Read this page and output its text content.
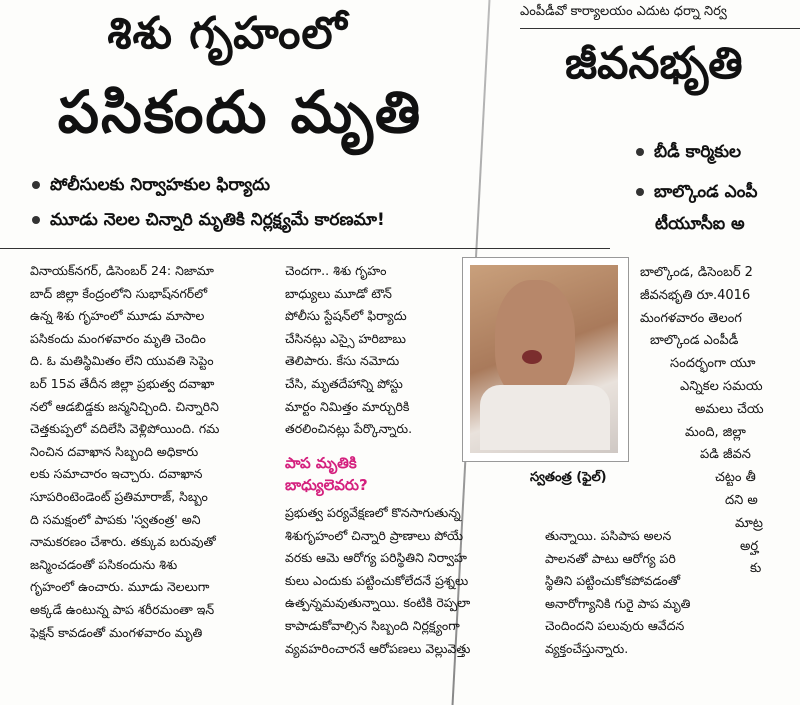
శిశు గృహంలో
పసికందు మృతి
పోలీసులకు నిర్వాహకుల ఫిర్యాదు
మూడు నెలల చిన్నారి మృతికి నిర్లక్ష్యమే కారణమా!
వినాయక్‌నగర్, డిసెంబర్ 24: నిజామా
బాద్ జిల్లా కేంద్రంలోని సుభాష్‌నగర్‌లో
ఉన్న శిశు గృహంలో మూడు మాసాల
పసికందు మంగళవారం మృతి చెందిం
ది. ఓ మతిస్థిమితం లేని యువతి సెప్టెం
బర్ 15వ తేదీన జిల్లా ప్రభుత్వ దవాఖా
నలో ఆడబిడ్డకు జన్మనిచ్చింది. చిన్నారిని
చెత్తకుప్పలో వదిలేసి వెళ్లిపోయింది. గమ
నించిన దవాఖాన సిబ్బంది అధికారు
లకు సమాచారం ఇచ్చారు. దవాఖాన
సూపరింటెండెంట్ ప్రతిమారాజ్, సిబ్బం
ది సమక్షంలో పాపకు 'స్వతంత్ర' అని
నామకరణం చేశారు. తక్కువ బరువుతో
జన్మించడంతో పసికందును శిశు
గృహంలో ఉంచారు. మూడు నెలలుగా
అక్కడే ఉంటున్న పాప శరీరమంతా ఇన్
ఫెక్షన్ కావడంతో మంగళవారం మృతి
చెందగా.. శిశు గృహం
బాధ్యులు మూడో టౌన్
పోలీసు స్టేషన్‌లో ఫిర్యాదు
చేసినట్లు ఎస్సై హరిబాబు
తెలిపారు. కేసు నమోదు
చేసి, మృతదేహాన్ని పోస్టు
మార్టం నిమిత్తం మార్చురికి
తరలించినట్లు పేర్కొన్నారు.
పాప మృతికి
బాధ్యులెవరు?
ప్రభుత్వ పర్యవేక్షణలో కొనసాగుతున్న
శిశుగృహంలో చిన్నారి ప్రాణాలు పోయే
వరకు ఆమె ఆరోగ్య పరిస్థితిని నిర్వాహ
కులు ఎందుకు పట్టించుకోలేదనే ప్రశ్నలు
ఉత్పన్నమవుతున్నాయి. కంటికి రెప్పలా
కాపాడుకోవాల్సిన సిబ్బంది నిర్లక్ష్యంగా
వ్యవహరించారనే ఆరోపణలు వెల్లువెత్తు
తున్నాయి. పసిపాప అలన
పాలనతో పాటు ఆరోగ్య పరి
స్థితిని పట్టించుకోకపోవడంతో
అనారోగ్యానికి గురై పాప మృతి
చెందిందని పలువురు ఆవేదన
వ్యక్తంచేస్తున్నారు.
స్వతంత్ర (ఫైల్)
ఎంపీడీవో కార్యాలయం ఎదుట ధర్నా నిర్వ
జీవనభృతి
బీడీ కార్మికుల
బాల్కొండ ఎంపీ
టీయూసీఐ అ
బాల్కొండ, డిసెంబర్ 2
జీవనభృతి రూ.4016
మంగళవారం తెలంగ
బాల్కొండ ఎంపీడీ
సందర్భంగా యూ
ఎన్నికల సమయ
అమలు చేయ
మంది, జిల్లా
పడి జీవన
చట్టం తీ
దని అ
మాట్ర
అర్హ
కు
